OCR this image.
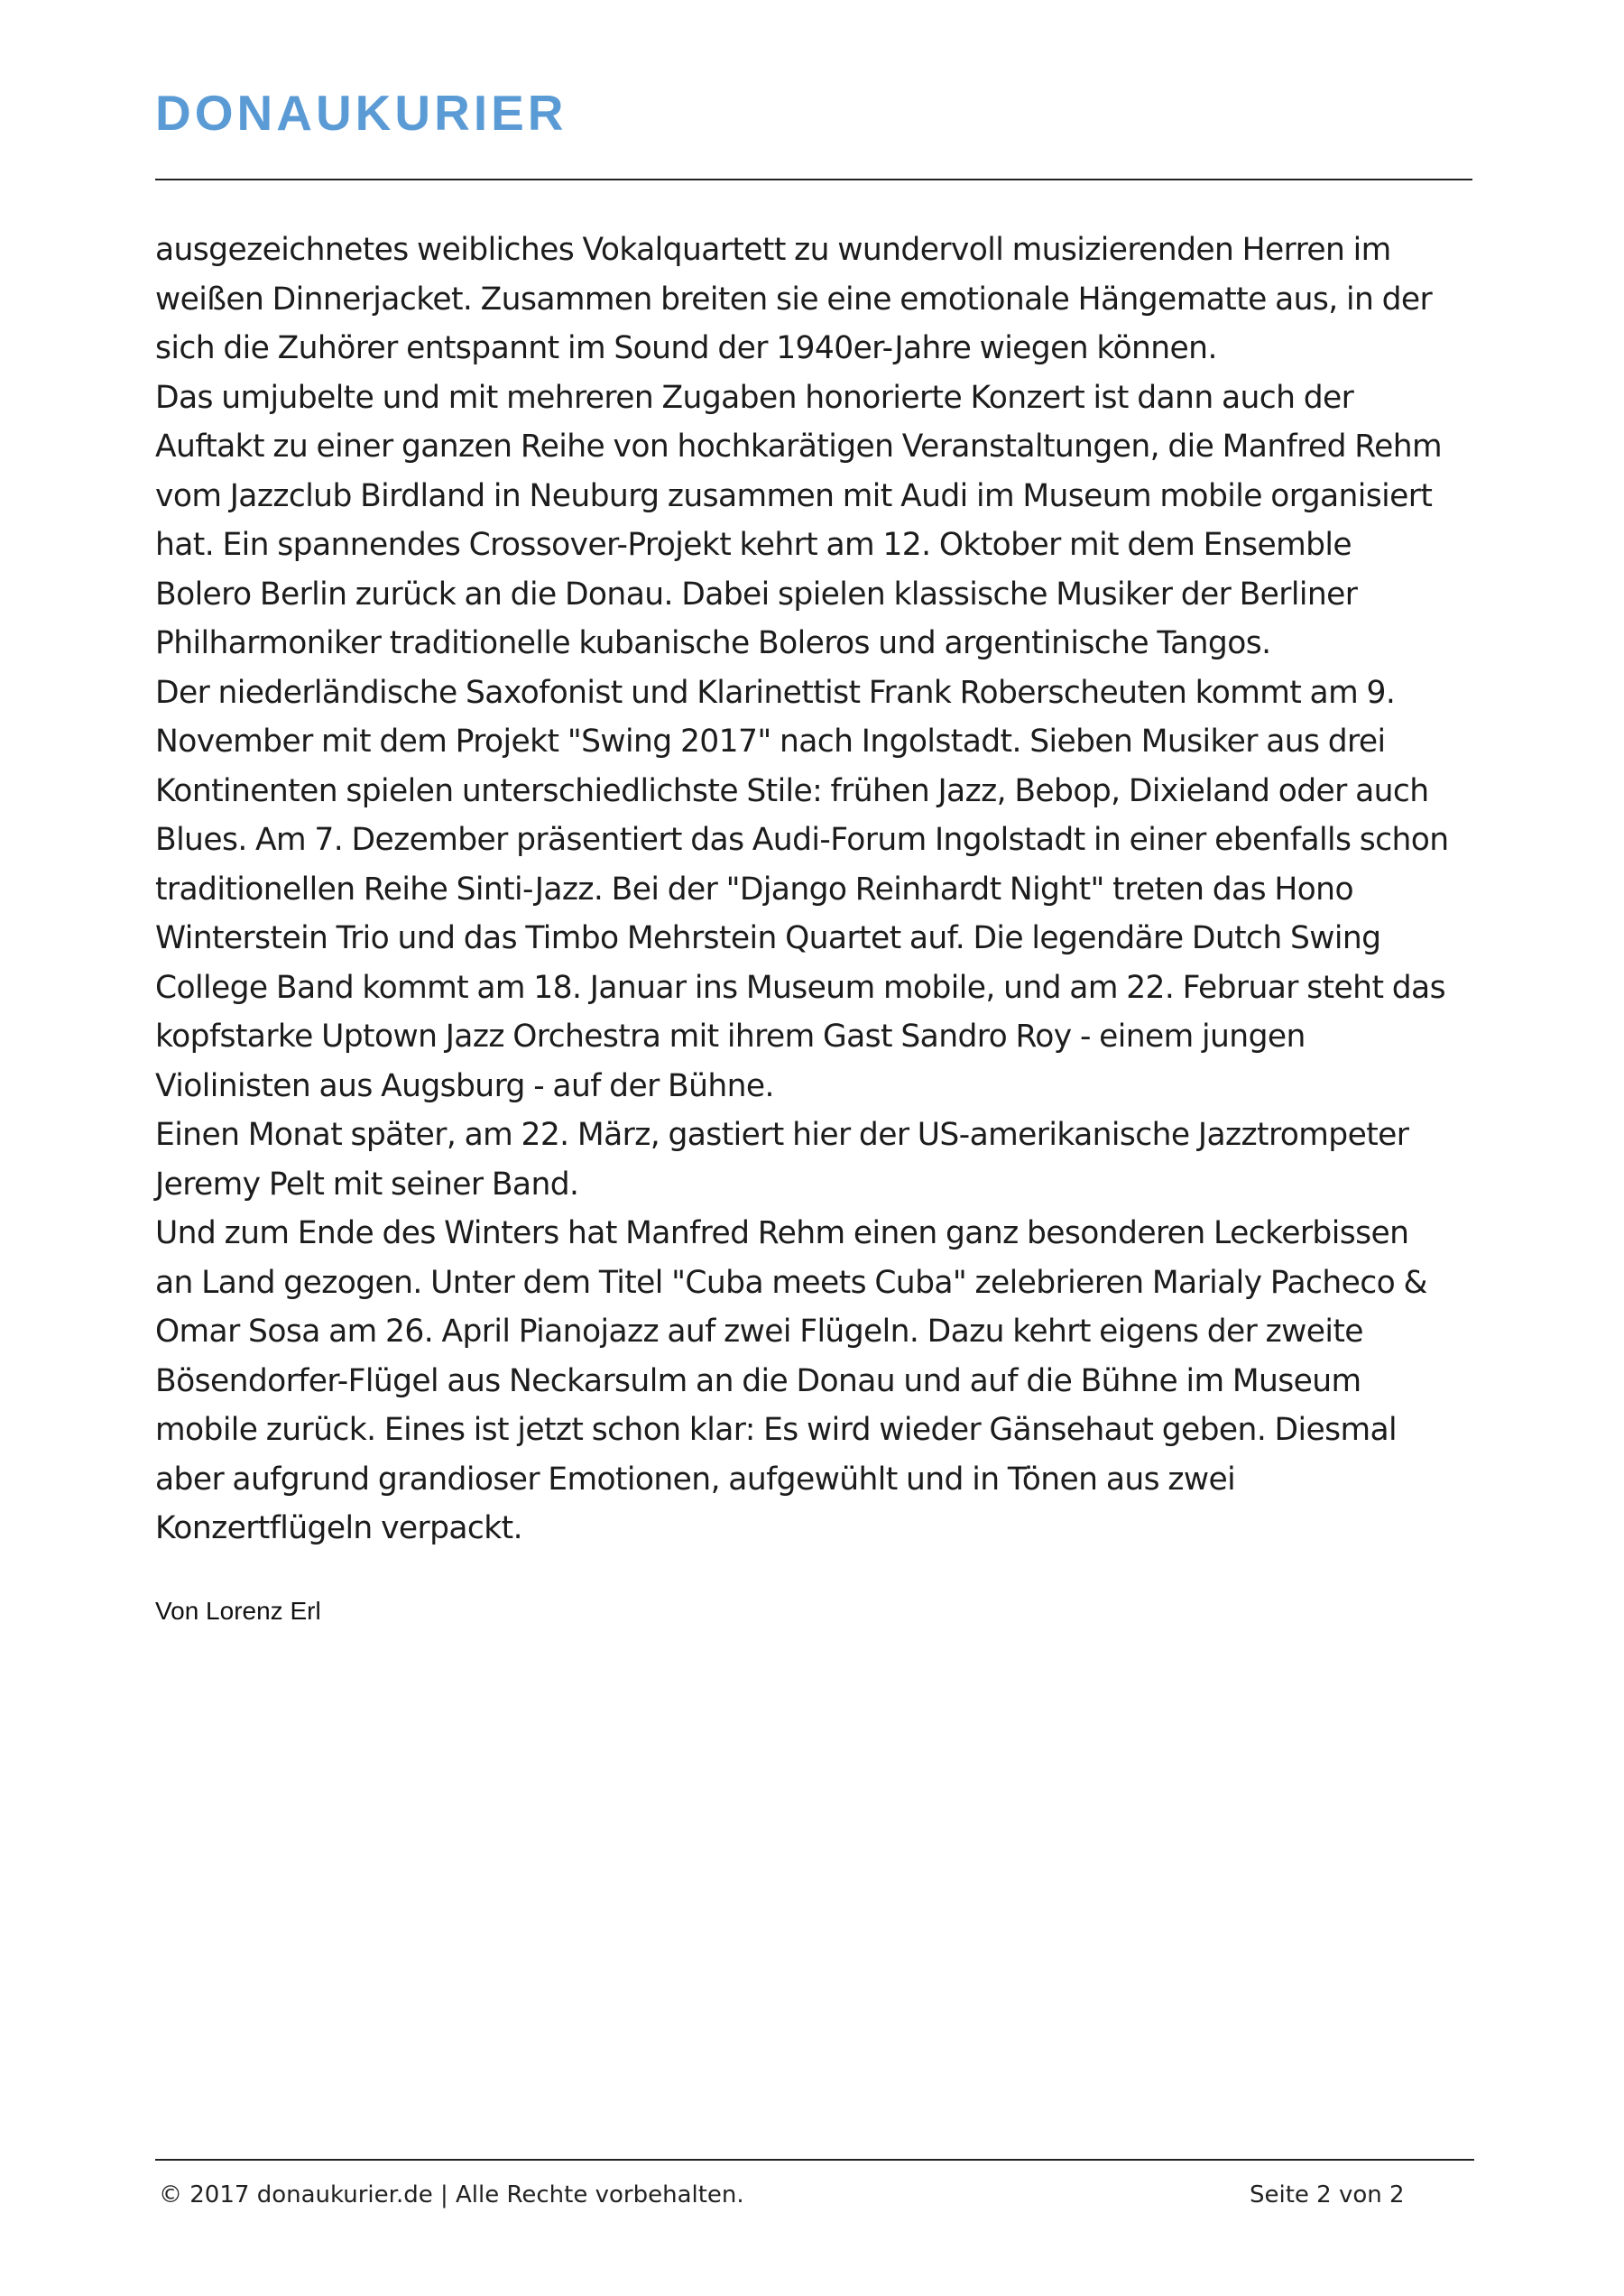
DONAUKURIER

ausgezeichnetes weibliches Vokalquartett zu wundervoll musizierenden Herren im
weißen Dinnerjacket. Zusammen breiten sie eine emotionale Hängematte aus, in der
sich die Zuhörer entspannt im Sound der 1940er-Jahre wiegen können.

Das umjubelte und mit mehreren Zugaben honorierte Konzert ist dann auch der
Auftakt zu einer ganzen Reihe von hochkarätigen Veranstaltungen, die Manfred Rehm
vom Jazzclub Birdland in Neuburg zusammen mit Audi im Museum mobile organisiert
hat. Ein spannendes Crossover-Projekt kehrt am 12. Oktober mit dem Ensemble
Bolero Berlin zurück an die Donau. Dabei spielen klassische Musiker der Berliner
Philharmoniker traditionelle kubanische Boleros und argentinische Tangos.

Der niederländische Saxofonist und Klarinettist Frank Roberscheuten kommt am 9.
November mit dem Projekt "Swing 2017" nach Ingolstadt. Sieben Musiker aus drei
Kontinenten spielen unterschiedlichste Stile: frühen Jazz, Bebop, Dixieland oder auch
Blues. Am 7. Dezember präsentiert das Audi-Forum Ingolstadt in einer ebenfalls schon
traditionellen Reihe Sinti-Jazz. Bei der "Django Reinhardt Night" treten das Hono
Winterstein Trio und das Timbo Mehrstein Quartet auf. Die legendäre Dutch Swing
College Band kommt am 18. Januar ins Museum mobile, und am 22. Februar steht das
kopfstarke Uptown Jazz Orchestra mit ihrem Gast Sandro Roy - einem jungen
Violinisten aus Augsburg - auf der Bühne.

Einen Monat später, am 22. März, gastiert hier der US-amerikanische Jazztrompeter
Jeremy Pelt mit seiner Band.

Und zum Ende des Winters hat Manfred Rehm einen ganz besonderen Leckerbissen
an Land gezogen. Unter dem Titel "Cuba meets Cuba" zelebrieren Marialy Pacheco &
Omar Sosa am 26. April Pianojazz auf zwei Flügeln. Dazu kehrt eigens der zweite
Bösendorfer-Flügel aus Neckarsulm an die Donau und auf die Bühne im Museum
mobile zurück. Eines ist jetzt schon klar: Es wird wieder Gänsehaut geben. Diesmal
aber aufgrund grandioser Emotionen, aufgewühlt und in Tönen aus zwei
Konzertflügeln verpackt.

Von Lorenz Erl

© 2017 donaukurier.de | Alle Rechte vorbehalten.	Seite 2 von 2
